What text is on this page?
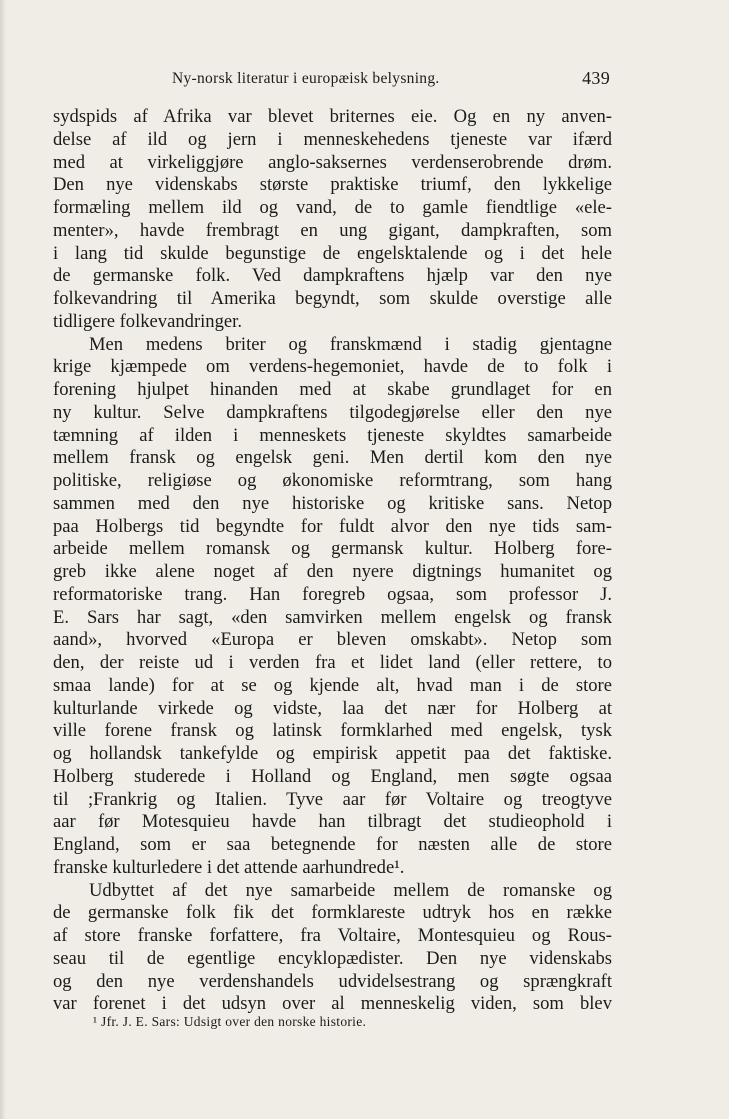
Ny-norsk literatur i europæisk belysning.	439
sydspids af Afrika var blevet briternes eie. Og en ny anven-
delse af ild og jern i menneskehedens tjeneste var ifærd
med at virkeliggjøre anglo-saksernes verdenserobrende drøm.
Den nye videnskabs største praktiske triumf, den lykkelige
formæling mellem ild og vand, de to gamle fiendtlige «ele-
menter», havde frembragt en ung gigant, dampkraften, som
i lang tid skulde begunstige de engelsktalende og i det hele
de germanske folk. Ved dampkraftens hjælp var den nye
folkevandring til Amerika begyndt, som skulde overstige alle
tidligere folkevandringer.
Men medens briter og franskmænd i stadig gjentagne
krige kjæmpede om verdens-hegemoniet, havde de to folk i
forening hjulpet hinanden med at skabe grundlaget for en
ny kultur. Selve dampkraftens tilgodegjørelse eller den nye
tæmning af ilden i menneskets tjeneste skyldtes samarbeide
mellem fransk og engelsk geni. Men dertil kom den nye
politiske, religiøse og økonomiske reformtrang, som hang
sammen med den nye historiske og kritiske sans. Netop
paa Holbergs tid begyndte for fuldt alvor den nye tids sam-
arbeide mellem romansk og germansk kultur. Holberg fore-
greb ikke alene noget af den nyere digtnings humanitet og
reformatoriske trang. Han foregreb ogsaa, som professor J.
E. Sars har sagt, «den samvirken mellem engelsk og fransk
aand», hvorved «Europa er bleven omskabt». Netop som
den, der reiste ud i verden fra et lidet land (eller rettere, to
smaa lande) for at se og kjende alt, hvad man i de store
kulturlande virkede og vidste, laa det nær for Holberg at
ville forene fransk og latinsk formklarhed med engelsk, tysk
og hollandsk tankefylde og empirisk appetit paa det faktiske.
Holberg studerede i Holland og England, men søgte ogsaa
til ;Frankrig og Italien. Tyve aar før Voltaire og treogtyve
aar før Motesquieu havde han tilbragt det studieophold i
England, som er saa betegnende for næsten alle de store
franske kulturledere i det attende aarhundrede¹.
Udbyttet af det nye samarbeide mellem de romanske og
de germanske folk fik det formklareste udtryk hos en række
af store franske forfattere, fra Voltaire, Montesquieu og Rous-
seau til de egentlige encyklopædister. Den nye videnskabs
og den nye verdenshandels udvidelsestrang og sprængkraft
var forenet i det udsyn over al menneskelig viden, som blev
¹ Jfr. J. E. Sars: Udsigt over den norske historie.
